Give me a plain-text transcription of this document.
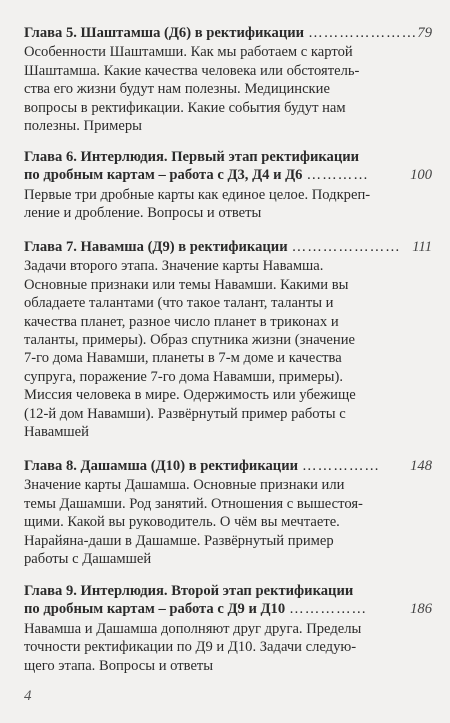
Глава 5. Шаштамша (Д6) в ректификации ………………… 79
Особенности Шаштамши. Как мы работаем с картой
Шаштамша. Какие качества человека или обстоятель-
ства его жизни будут нам полезны. Медицинские
вопросы в ректификации. Какие события будут нам
полезны. Примеры
Глава 6. Интерлюдия. Первый этап ректификации
по дробным картам – работа с Д3, Д4 и Д6 …………	100
Первые три дробные карты как единое целое. Подкреп-
ление и дробление. Вопросы и ответы
Глава 7. Навамша (Д9) в ректификации ………………… 111
Задачи второго этапа. Значение карты Навамша.
Основные признаки или темы Навамши. Какими вы
обладаете талантами (что такое талант, таланты и
качества планет, разное число планет в триконах и
таланты, примеры). Образ спутника жизни (значение
7-го дома Навамши, планеты в 7-м доме и качества
супруга, поражение 7-го дома Навамши, примеры).
Миссия человека в мире. Одержимость или убежище
(12-й дом Навамши). Развёрнутый пример работы с
Навамшей
Глава 8. Дашамша (Д10) в ректификации ……………	148
Значение карты Дашамша. Основные признаки или
темы Дашамши. Род занятий. Отношения с вышестоя-
щими. Какой вы руководитель. О чём вы мечтаете.
Нарайяна-даши в Дашамше. Развёрнутый пример
работы с Дашамшей
Глава 9. Интерлюдия. Второй этап ректификации
по дробным картам – работа с Д9 и Д10 ……………	186
Навамша и Дашамша дополняют друг друга. Пределы
точности ректификации по Д9 и Д10. Задачи следую-
щего этапа. Вопросы и ответы
4
